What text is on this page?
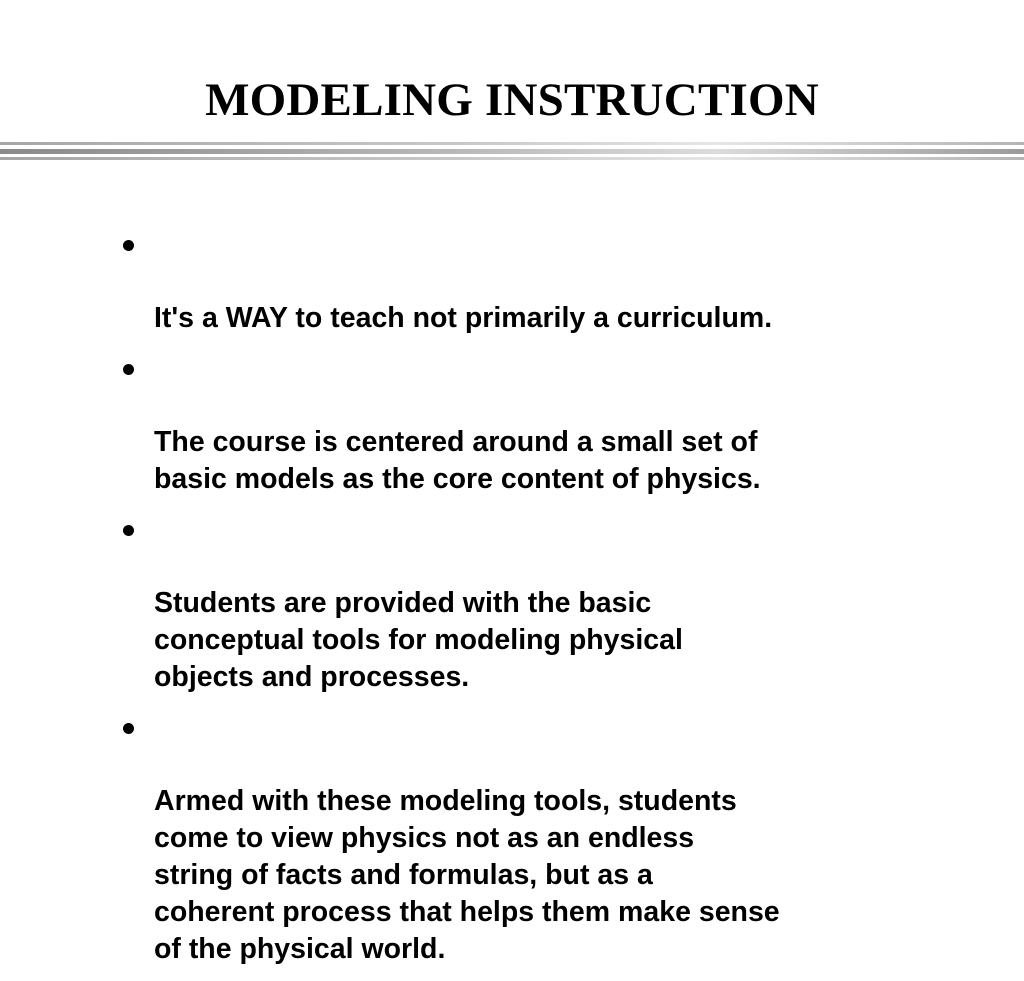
MODELING INSTRUCTION

It's a WAY to teach not primarily a curriculum.

The course is centered around a small set of
basic models as the core content of physics.

Students are provided with the basic
conceptual tools for modeling physical
objects and processes.

Armed with these modeling tools, students
come to view physics not as an endless
string of facts and formulas, but as a
coherent process that helps them make sense
of the physical world.
